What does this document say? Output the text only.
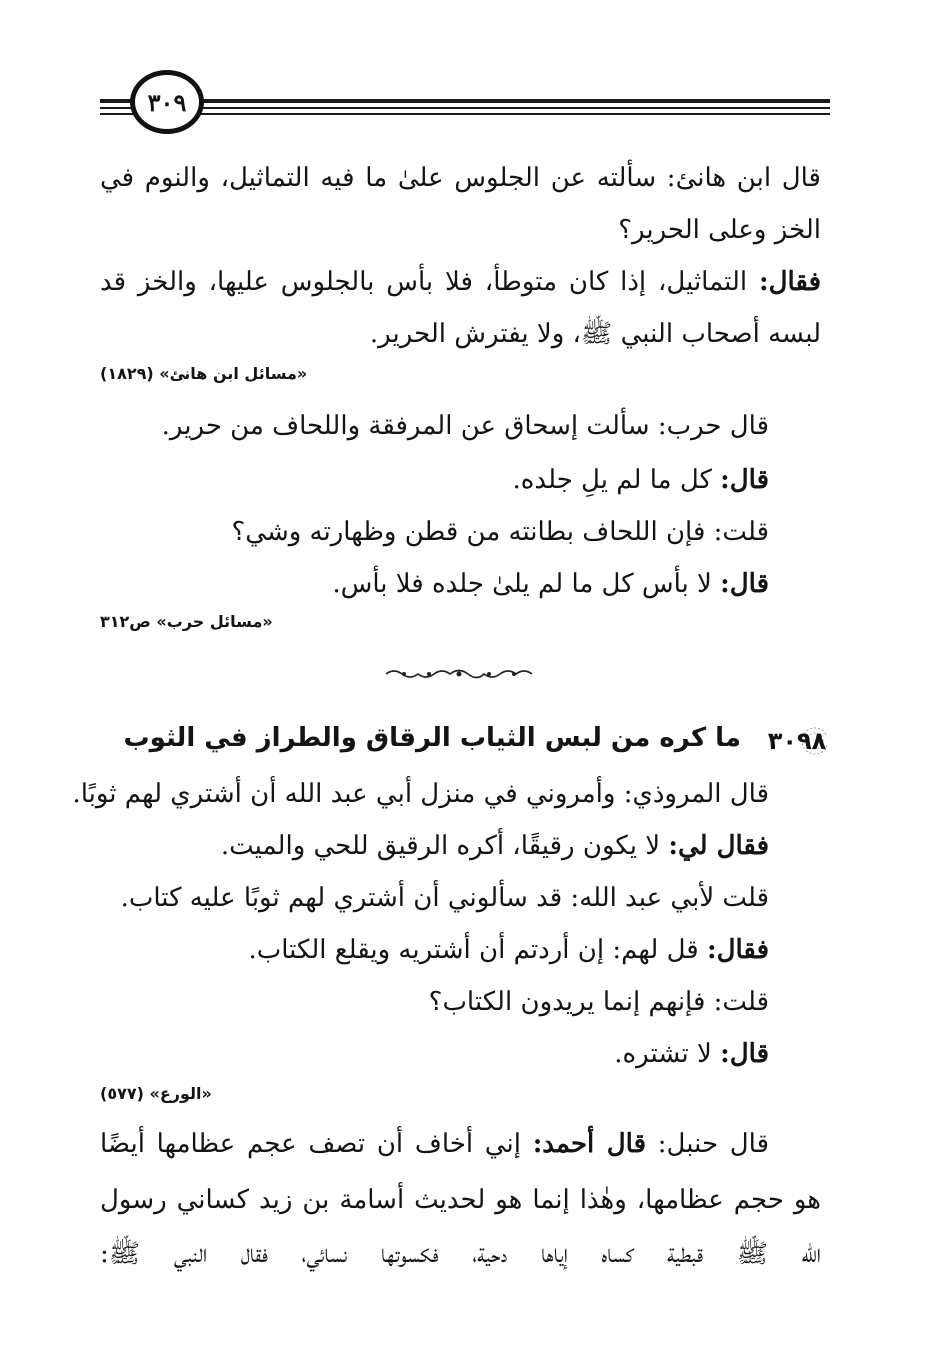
٣٠٩
قال ابن هانئ: سألته عن الجلوس علىٰ ما فيه التماثيل، والنوم في
الخز وعلى الحرير؟
فقال: التماثيل، إذا كان متوطأ، فلا بأس بالجلوس عليها، والخز قد
لبسه أصحاب النبي ﷺ، ولا يفترش الحرير.
«مسائل ابن هانئ» (١٨٢٩)
قال حرب: سألت إسحاق عن المرفقة واللحاف من حرير.
قال: كل ما لم يلِ جلده.
قلت: فإن اللحاف بطانته من قطن وظهارته وشي؟
قال: لا بأس كل ما لم يلىٰ جلده فلا بأس.
«مسائل حرب» ص٣١٢
٣٠٩٨
ما كره من لبس الثياب الرقاق والطراز في الثوب
قال المروذي: وأمروني في منزل أبي عبد الله أن أشتري لهم ثوبًا.
فقال لي: لا يكون رقيقًا، أكره الرقيق للحي والميت.
قلت لأبي عبد الله: قد سألوني أن أشتري لهم ثوبًا عليه كتاب.
فقال: قل لهم: إن أردتم أن أشتريه ويقلع الكتاب.
قلت: فإنهم إنما يريدون الكتاب؟
قال: لا تشتره.
«الورع» (٥٧٧)
قال حنبل: قال أحمد: إني أخاف أن تصف عجم عظامها أيضًا
هو حجم عظامها، وهٰذا إنما هو لحديث أسامة بن زيد كساني رسول
الله ﷺ قبطية كساه إياها دحية، فكسوتها نسائي، فقال النبي ﷺ:
